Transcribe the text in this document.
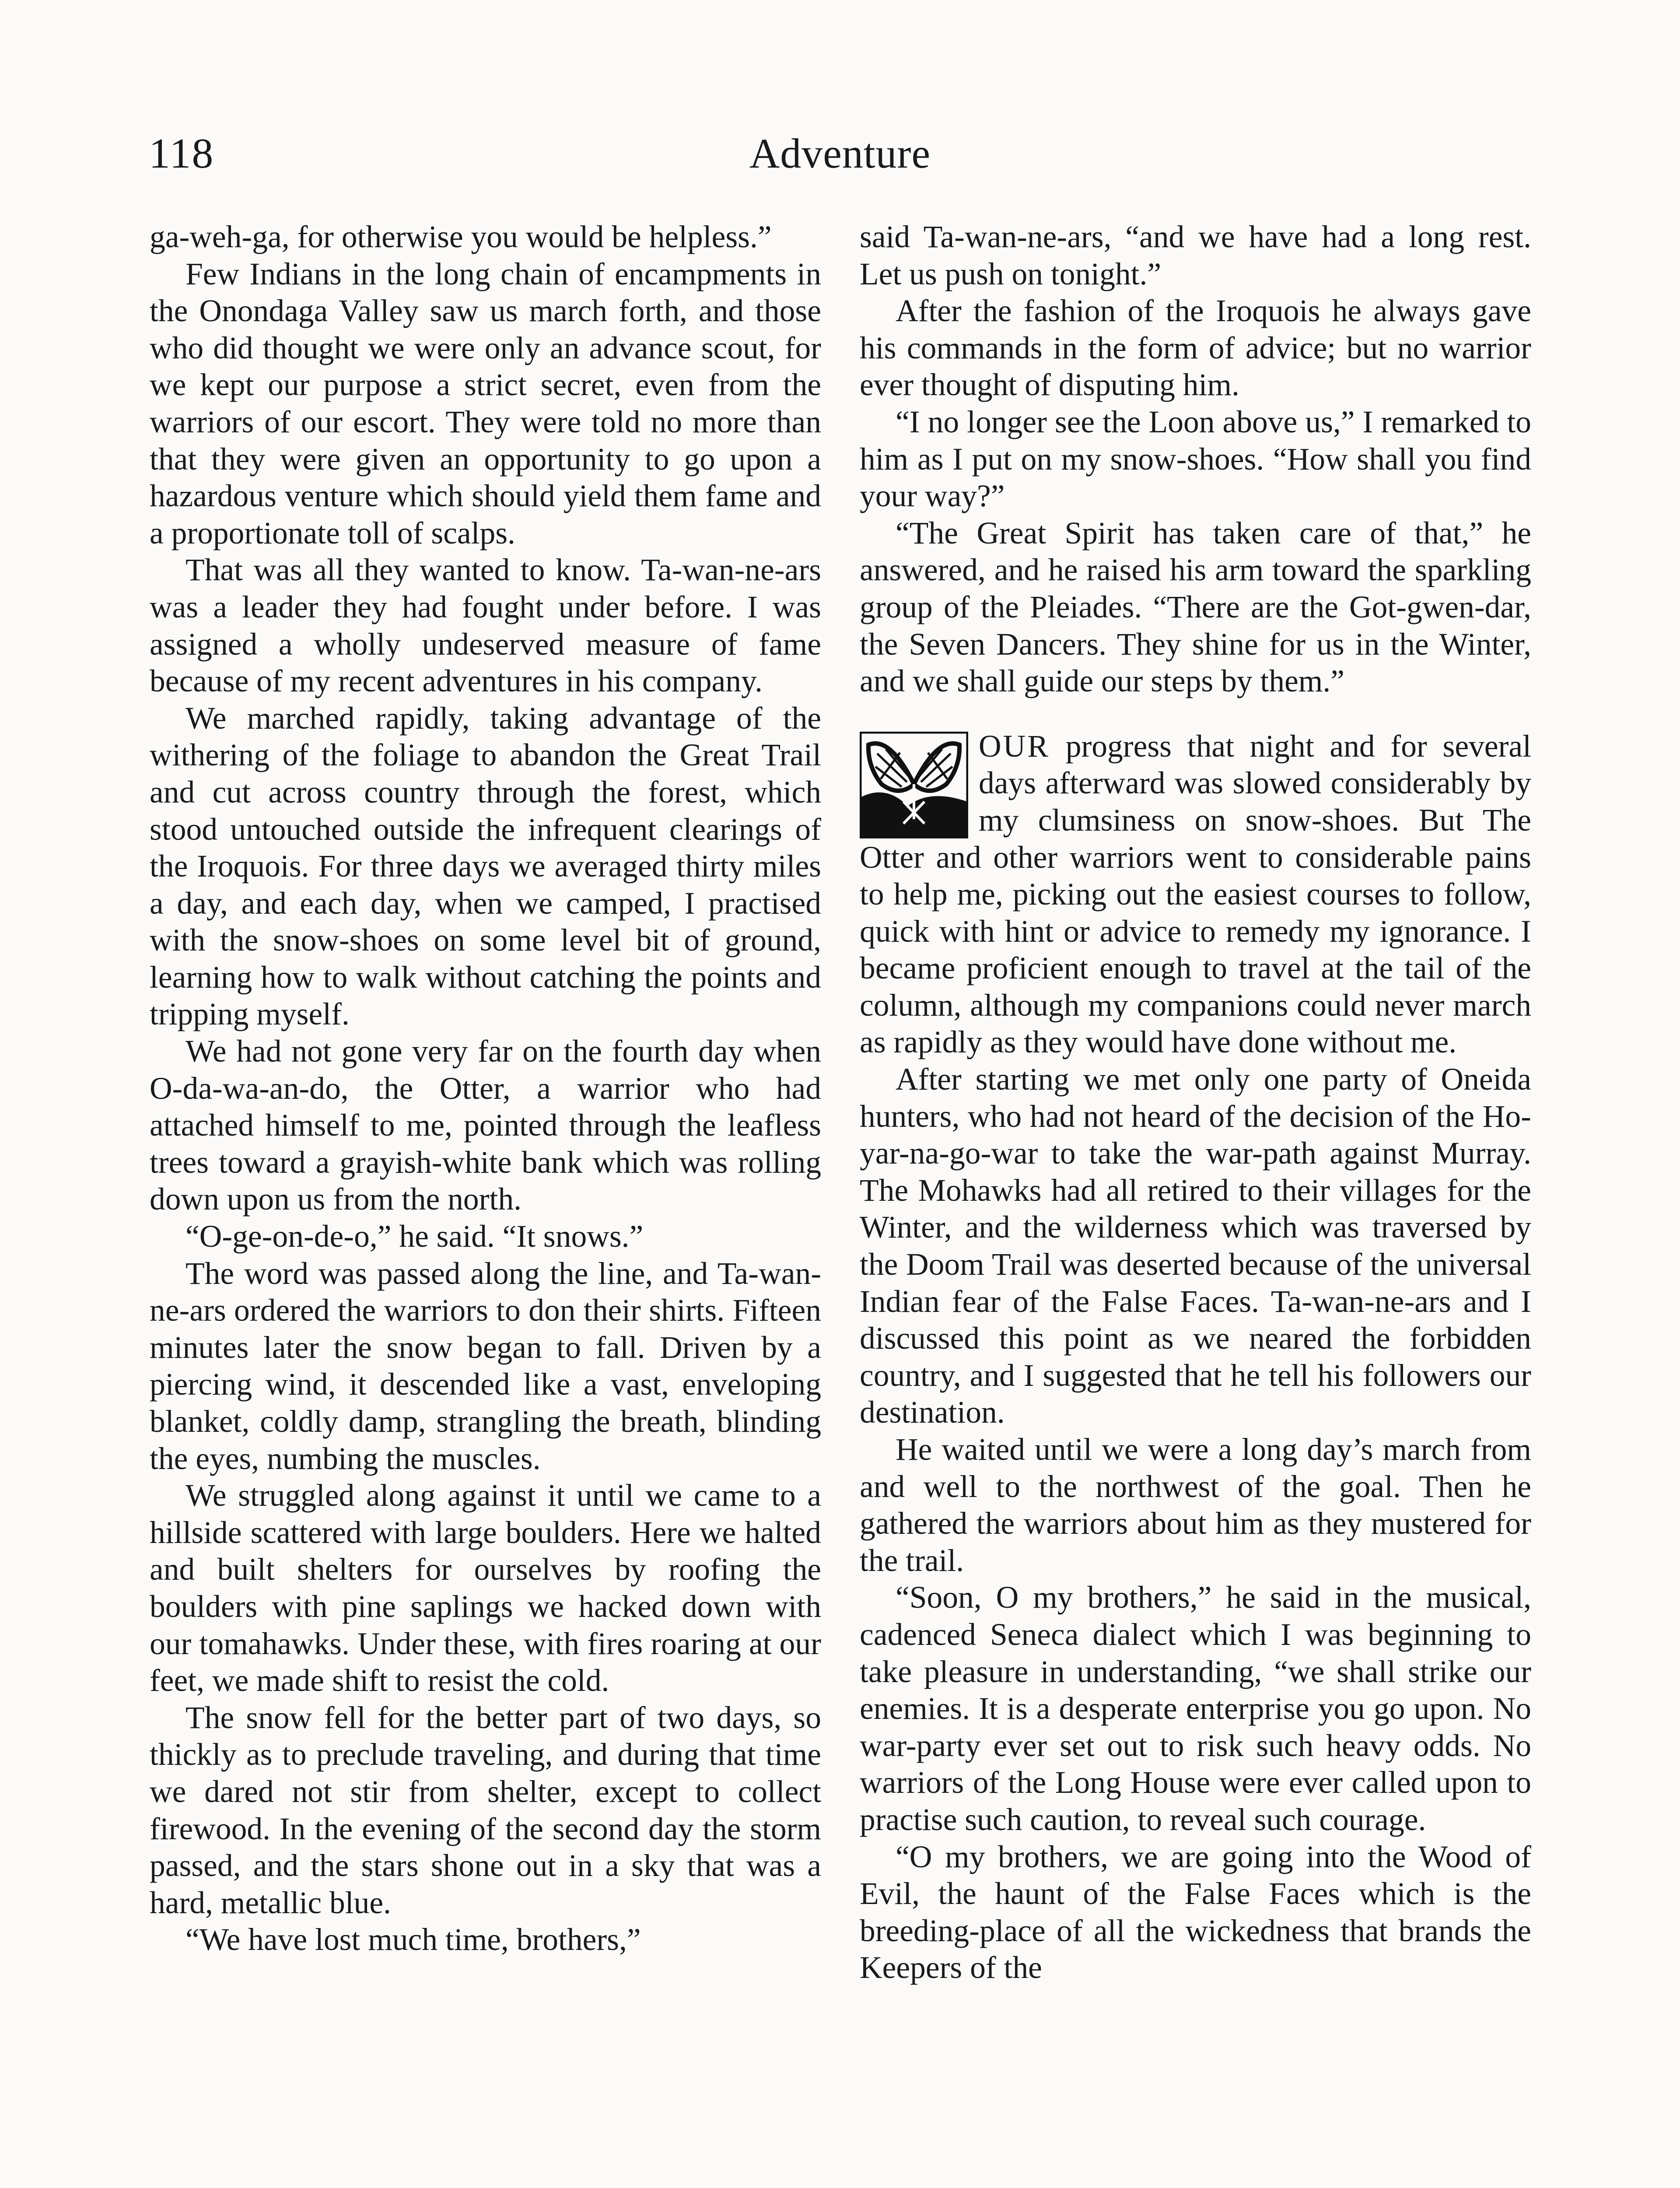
118	Adventure

ga-weh-ga, for otherwise you would be helpless.”

Few Indians in the long chain of encampments in the Onondaga Valley saw us march forth, and those who did thought we were only an advance scout, for we kept our purpose a strict secret, even from the warriors of our escort. They were told no more than that they were given an opportunity to go upon a hazardous venture which should yield them fame and a proportionate toll of scalps.

That was all they wanted to know. Ta-wan-ne-ars was a leader they had fought under before. I was assigned a wholly undeserved measure of fame because of my recent adventures in his company.

We marched rapidly, taking advantage of the withering of the foliage to abandon the Great Trail and cut across country through the forest, which stood untouched outside the infrequent clearings of the Iroquois. For three days we averaged thirty miles a day, and each day, when we camped, I practised with the snow-shoes on some level bit of ground, learning how to walk without catching the points and tripping myself.

We had not gone very far on the fourth day when O-da-wa-an-do, the Otter, a warrior who had attached himself to me, pointed through the leafless trees toward a grayish-white bank which was rolling down upon us from the north.

“O-ge-on-de-o,” he said. “It snows.”

The word was passed along the line, and Ta-wan-ne-ars ordered the warriors to don their shirts. Fifteen minutes later the snow began to fall. Driven by a piercing wind, it descended like a vast, enveloping blanket, coldly damp, strangling the breath, blinding the eyes, numbing the muscles.

We struggled along against it until we came to a hillside scattered with large boulders. Here we halted and built shelters for ourselves by roofing the boulders with pine saplings we hacked down with our tomahawks. Under these, with fires roaring at our feet, we made shift to resist the cold.

The snow fell for the better part of two days, so thickly as to preclude traveling, and during that time we dared not stir from shelter, except to collect firewood. In the evening of the second day the storm passed, and the stars shone out in a sky that was a hard, metallic blue.

“We have lost much time, brothers,”

said Ta-wan-ne-ars, “and we have had a long rest. Let us push on tonight.”

After the fashion of the Iroquois he always gave his commands in the form of advice; but no warrior ever thought of disputing him.

“I no longer see the Loon above us,” I remarked to him as I put on my snow-shoes. “How shall you find your way?”

“The Great Spirit has taken care of that,” he answered, and he raised his arm toward the sparkling group of the Pleiades. “There are the Got-gwen-dar, the Seven Dancers. They shine for us in the Winter, and we shall guide our steps by them.”

OUR progress that night and for several days afterward was slowed considerably by my clumsiness on snow-shoes. But The Otter and other warriors went to considerable pains to help me, picking out the easiest courses to follow, quick with hint or advice to remedy my ignorance. I became proficient enough to travel at the tail of the column, although my companions could never march as rapidly as they would have done without me.

After starting we met only one party of Oneida hunters, who had not heard of the decision of the Ho-yar-na-go-war to take the war-path against Murray. The Mohawks had all retired to their villages for the Winter, and the wilderness which was traversed by the Doom Trail was deserted because of the universal Indian fear of the False Faces. Ta-wan-ne-ars and I discussed this point as we neared the forbidden country, and I suggested that he tell his followers our destination.

He waited until we were a long day’s march from and well to the northwest of the goal. Then he gathered the warriors about him as they mustered for the trail.

“Soon, O my brothers,” he said in the musical, cadenced Seneca dialect which I was beginning to take pleasure in understanding, “we shall strike our enemies. It is a desperate enterprise you go upon. No war-party ever set out to risk such heavy odds. No warriors of the Long House were ever called upon to practise such caution, to reveal such courage.

“O my brothers, we are going into the Wood of Evil, the haunt of the False Faces which is the breeding-place of all the wickedness that brands the Keepers of the
